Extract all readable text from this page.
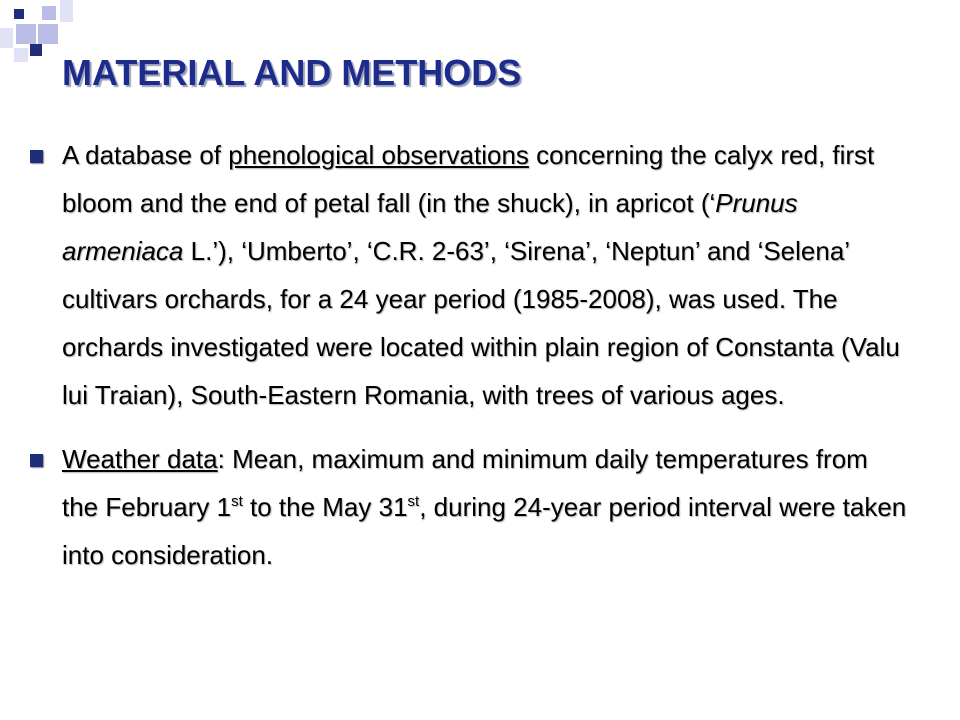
MATERIAL AND METHODS
A database of phenological observations concerning the calyx red, first bloom and the end of petal fall (in the shuck), in apricot (‘Prunus armeniaca L.’), ‘Umberto’, ‘C.R. 2-63’, ‘Sirena’, ‘Neptun’ and ‘Selena’ cultivars orchards, for a 24 year period (1985-2008), was used. The orchards investigated were located within plain region of Constanta (Valu lui Traian), South-Eastern Romania, with trees of various ages.
Weather data: Mean, maximum and minimum daily temperatures from the February 1st to the May 31st, during 24-year period interval were taken into consideration.
